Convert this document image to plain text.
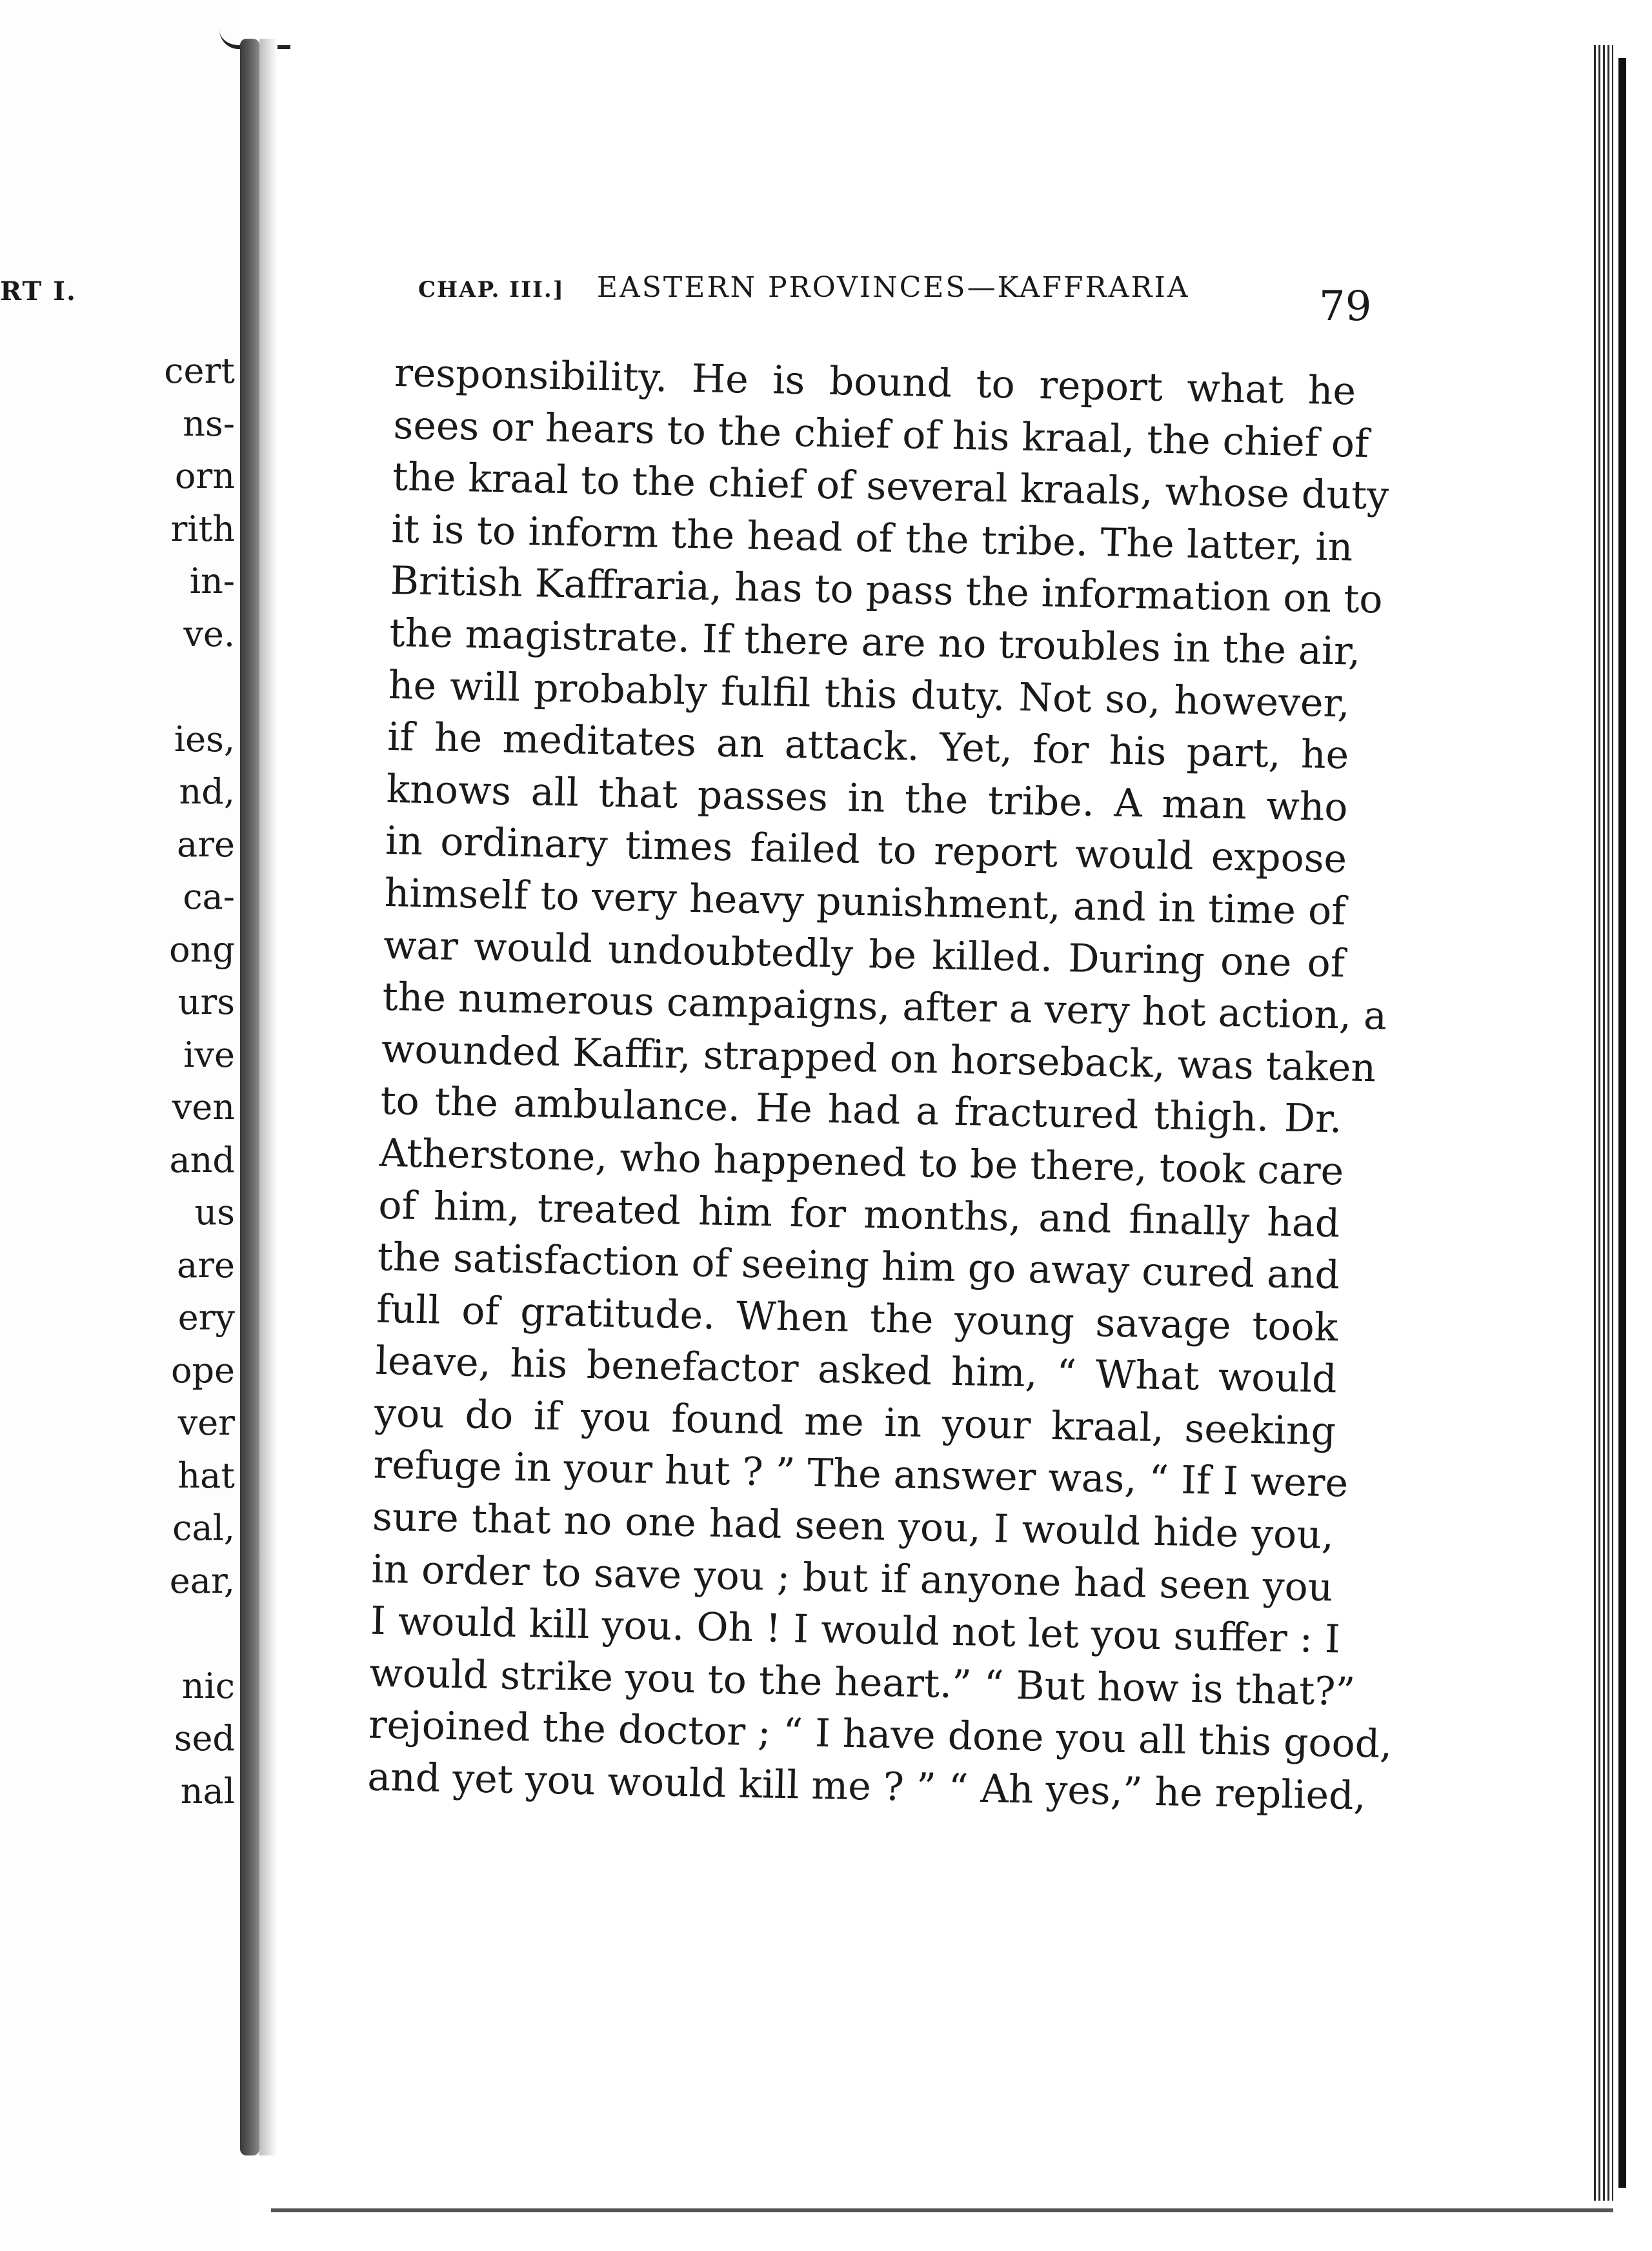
RT I.
cert
ns-
orn
rith
in-
ve.
ies,
nd,
are
ca-
ong
urs
ive
ven
and
us
are
ery
ope
ver
hat
cal,
ear,
nic
sed
nal
CHAP. III.] EASTERN PROVINCES—KAFFRARIA	79
responsibility. He is bound to report what he
sees or hears to the chief of his kraal, the chief of
the kraal to the chief of several kraals, whose duty
it is to inform the head of the tribe. The latter, in
British Kaffraria, has to pass the information on to
the magistrate. If there are no troubles in the air,
he will probably fulfil this duty. Not so, however,
if he meditates an attack. Yet, for his part, he
knows all that passes in the tribe. A man who
in ordinary times failed to report would expose
himself to very heavy punishment, and in time of
war would undoubtedly be killed. During one of
the numerous campaigns, after a very hot action, a
wounded Kaffir, strapped on horseback, was taken
to the ambulance. He had a fractured thigh. Dr.
Atherstone, who happened to be there, took care
of him, treated him for months, and finally had
the satisfaction of seeing him go away cured and
full of gratitude. When the young savage took
leave, his benefactor asked him, “ What would
you do if you found me in your kraal, seeking
refuge in your hut ? ” The answer was, “ If I were
sure that no one had seen you, I would hide you,
in order to save you ; but if anyone had seen you
I would kill you. Oh ! I would not let you suffer : I
would strike you to the heart.” “ But how is that?”
rejoined the doctor ; “ I have done you all this good,
and yet you would kill me ? ” “ Ah yes,” he replied,
